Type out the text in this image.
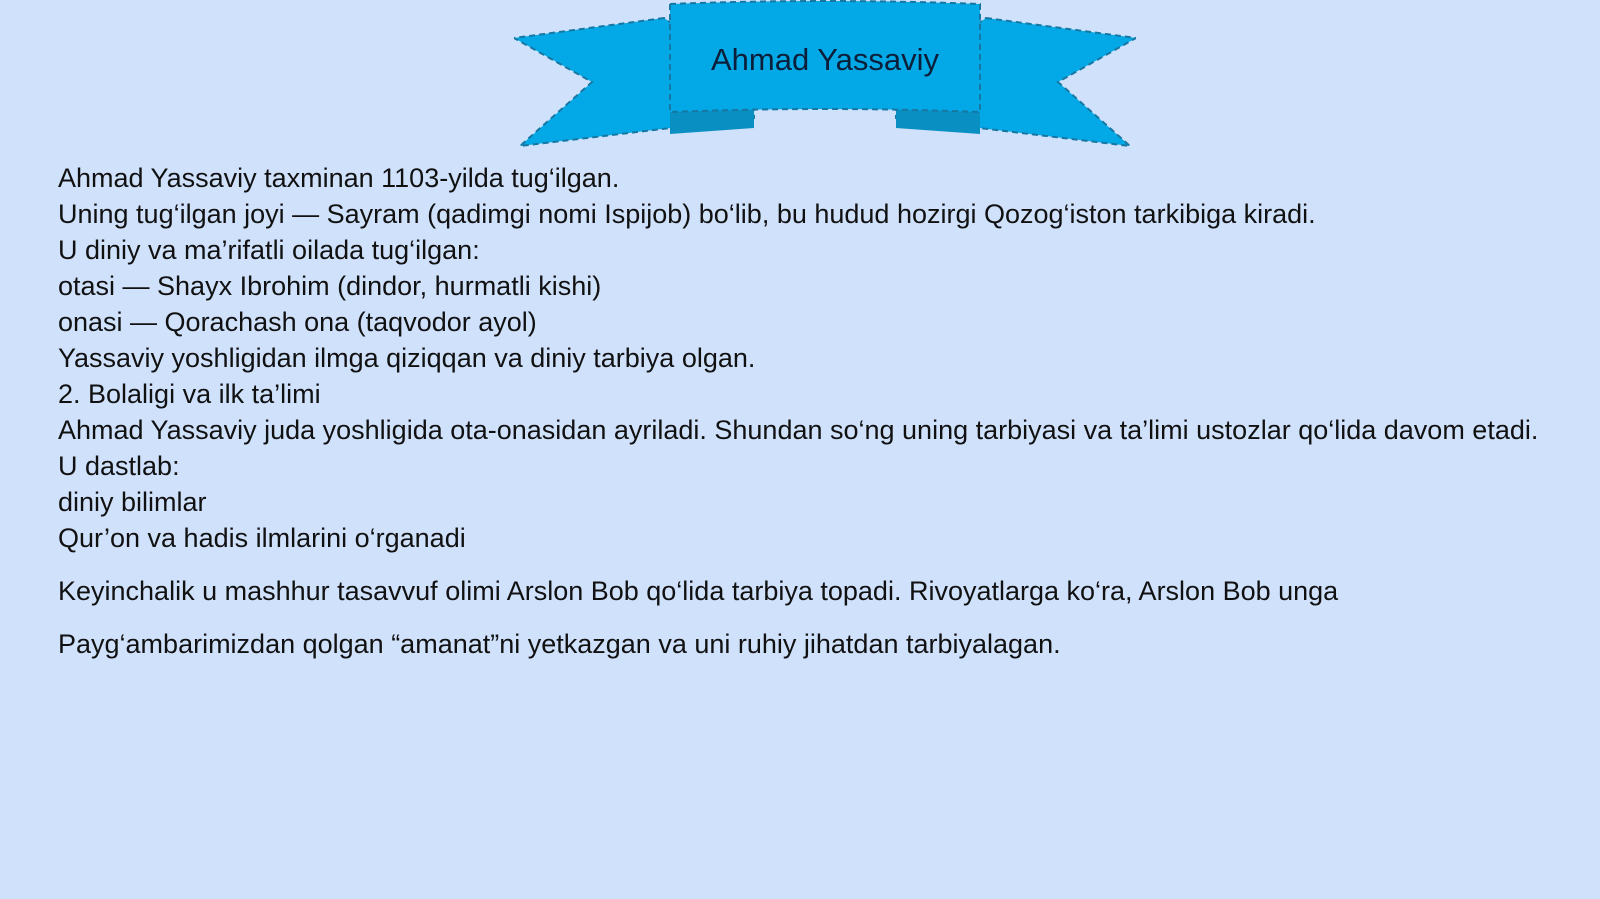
Ahmad Yassaviy
Ahmad Yassaviy taxminan 1103-yilda tug‘ilgan.
Uning tug‘ilgan joyi — Sayram (qadimgi nomi Ispijob) bo‘lib, bu hudud hozirgi Qozog‘iston tarkibiga kiradi.
U diniy va ma’rifatli oilada tug‘ilgan:
otasi — Shayx Ibrohim (dindor, hurmatli kishi)
onasi — Qorachash ona (taqvodor ayol)
Yassaviy yoshligidan ilmga qiziqqan va diniy tarbiya olgan.
2. Bolaligi va ilk ta’limi
Ahmad Yassaviy juda yoshligida ota-onasidan ayriladi. Shundan so‘ng uning tarbiyasi va ta’limi ustozlar qo‘lida davom etadi.
U dastlab:
diniy bilimlar
Qur’on va hadis ilmlarini o‘rganadi
Keyinchalik u mashhur tasavvuf olimi Arslon Bob qo‘lida tarbiya topadi. Rivoyatlarga ko‘ra, Arslon Bob unga
Payg‘ambarimizdan qolgan “amanat”ni yetkazgan va uni ruhiy jihatdan tarbiyalagan.
